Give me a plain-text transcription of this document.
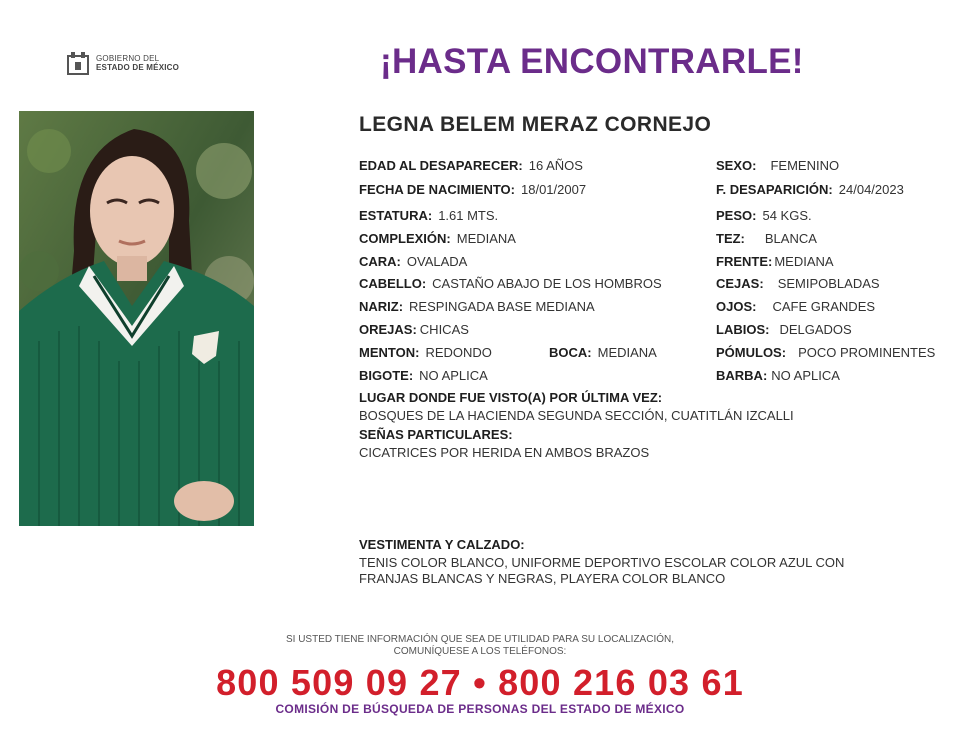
GOBIERNO DEL
ESTADO DE MÉXICO	¡HASTA ENCONTRARLE!
LEGNA BELEM MERAZ CORNEJO
EDAD AL DESAPARECER: 16 AÑOS
FECHA DE NACIMIENTO: 18/01/2007
ESTATURA: 1.61 MTS.
COMPLEXIÓN: MEDIANA
CARA: OVALADA
CABELLO: CASTAÑO ABAJO DE LOS HOMBROS
NARIZ: RESPINGADA BASE MEDIANA
OREJAS: CHICAS
MENTON: REDONDO	BOCA: MEDIANA
BIGOTE: NO APLICA
SEXO: FEMENINO
F. DESAPARICIÓN: 24/04/2023
PESO: 54 KGS.
TEZ: BLANCA
FRENTE: MEDIANA
CEJAS: SEMIPOBLADAS
OJOS: CAFE GRANDES
LABIOS: DELGADOS
PÓMULOS: POCO PROMINENTES
BARBA: NO APLICA
LUGAR DONDE FUE VISTO(A) POR ÚLTIMA VEZ:
BOSQUES DE LA HACIENDA SEGUNDA SECCIÓN, CUATITLÁN IZCALLI
SEÑAS PARTICULARES:
CICATRICES POR HERIDA EN AMBOS BRAZOS
VESTIMENTA Y CALZADO:
TENIS COLOR BLANCO, UNIFORME DEPORTIVO ESCOLAR COLOR AZUL CON
FRANJAS BLANCAS Y NEGRAS, PLAYERA COLOR BLANCO
SI USTED TIENE INFORMACIÓN QUE SEA DE UTILIDAD PARA SU LOCALIZACIÓN,
COMUNÍQUESE A LOS TELÉFONOS:
800 509 09 27 • 800 216 03 61
COMISIÓN DE BÚSQUEDA DE PERSONAS DEL ESTADO DE MÉXICO
